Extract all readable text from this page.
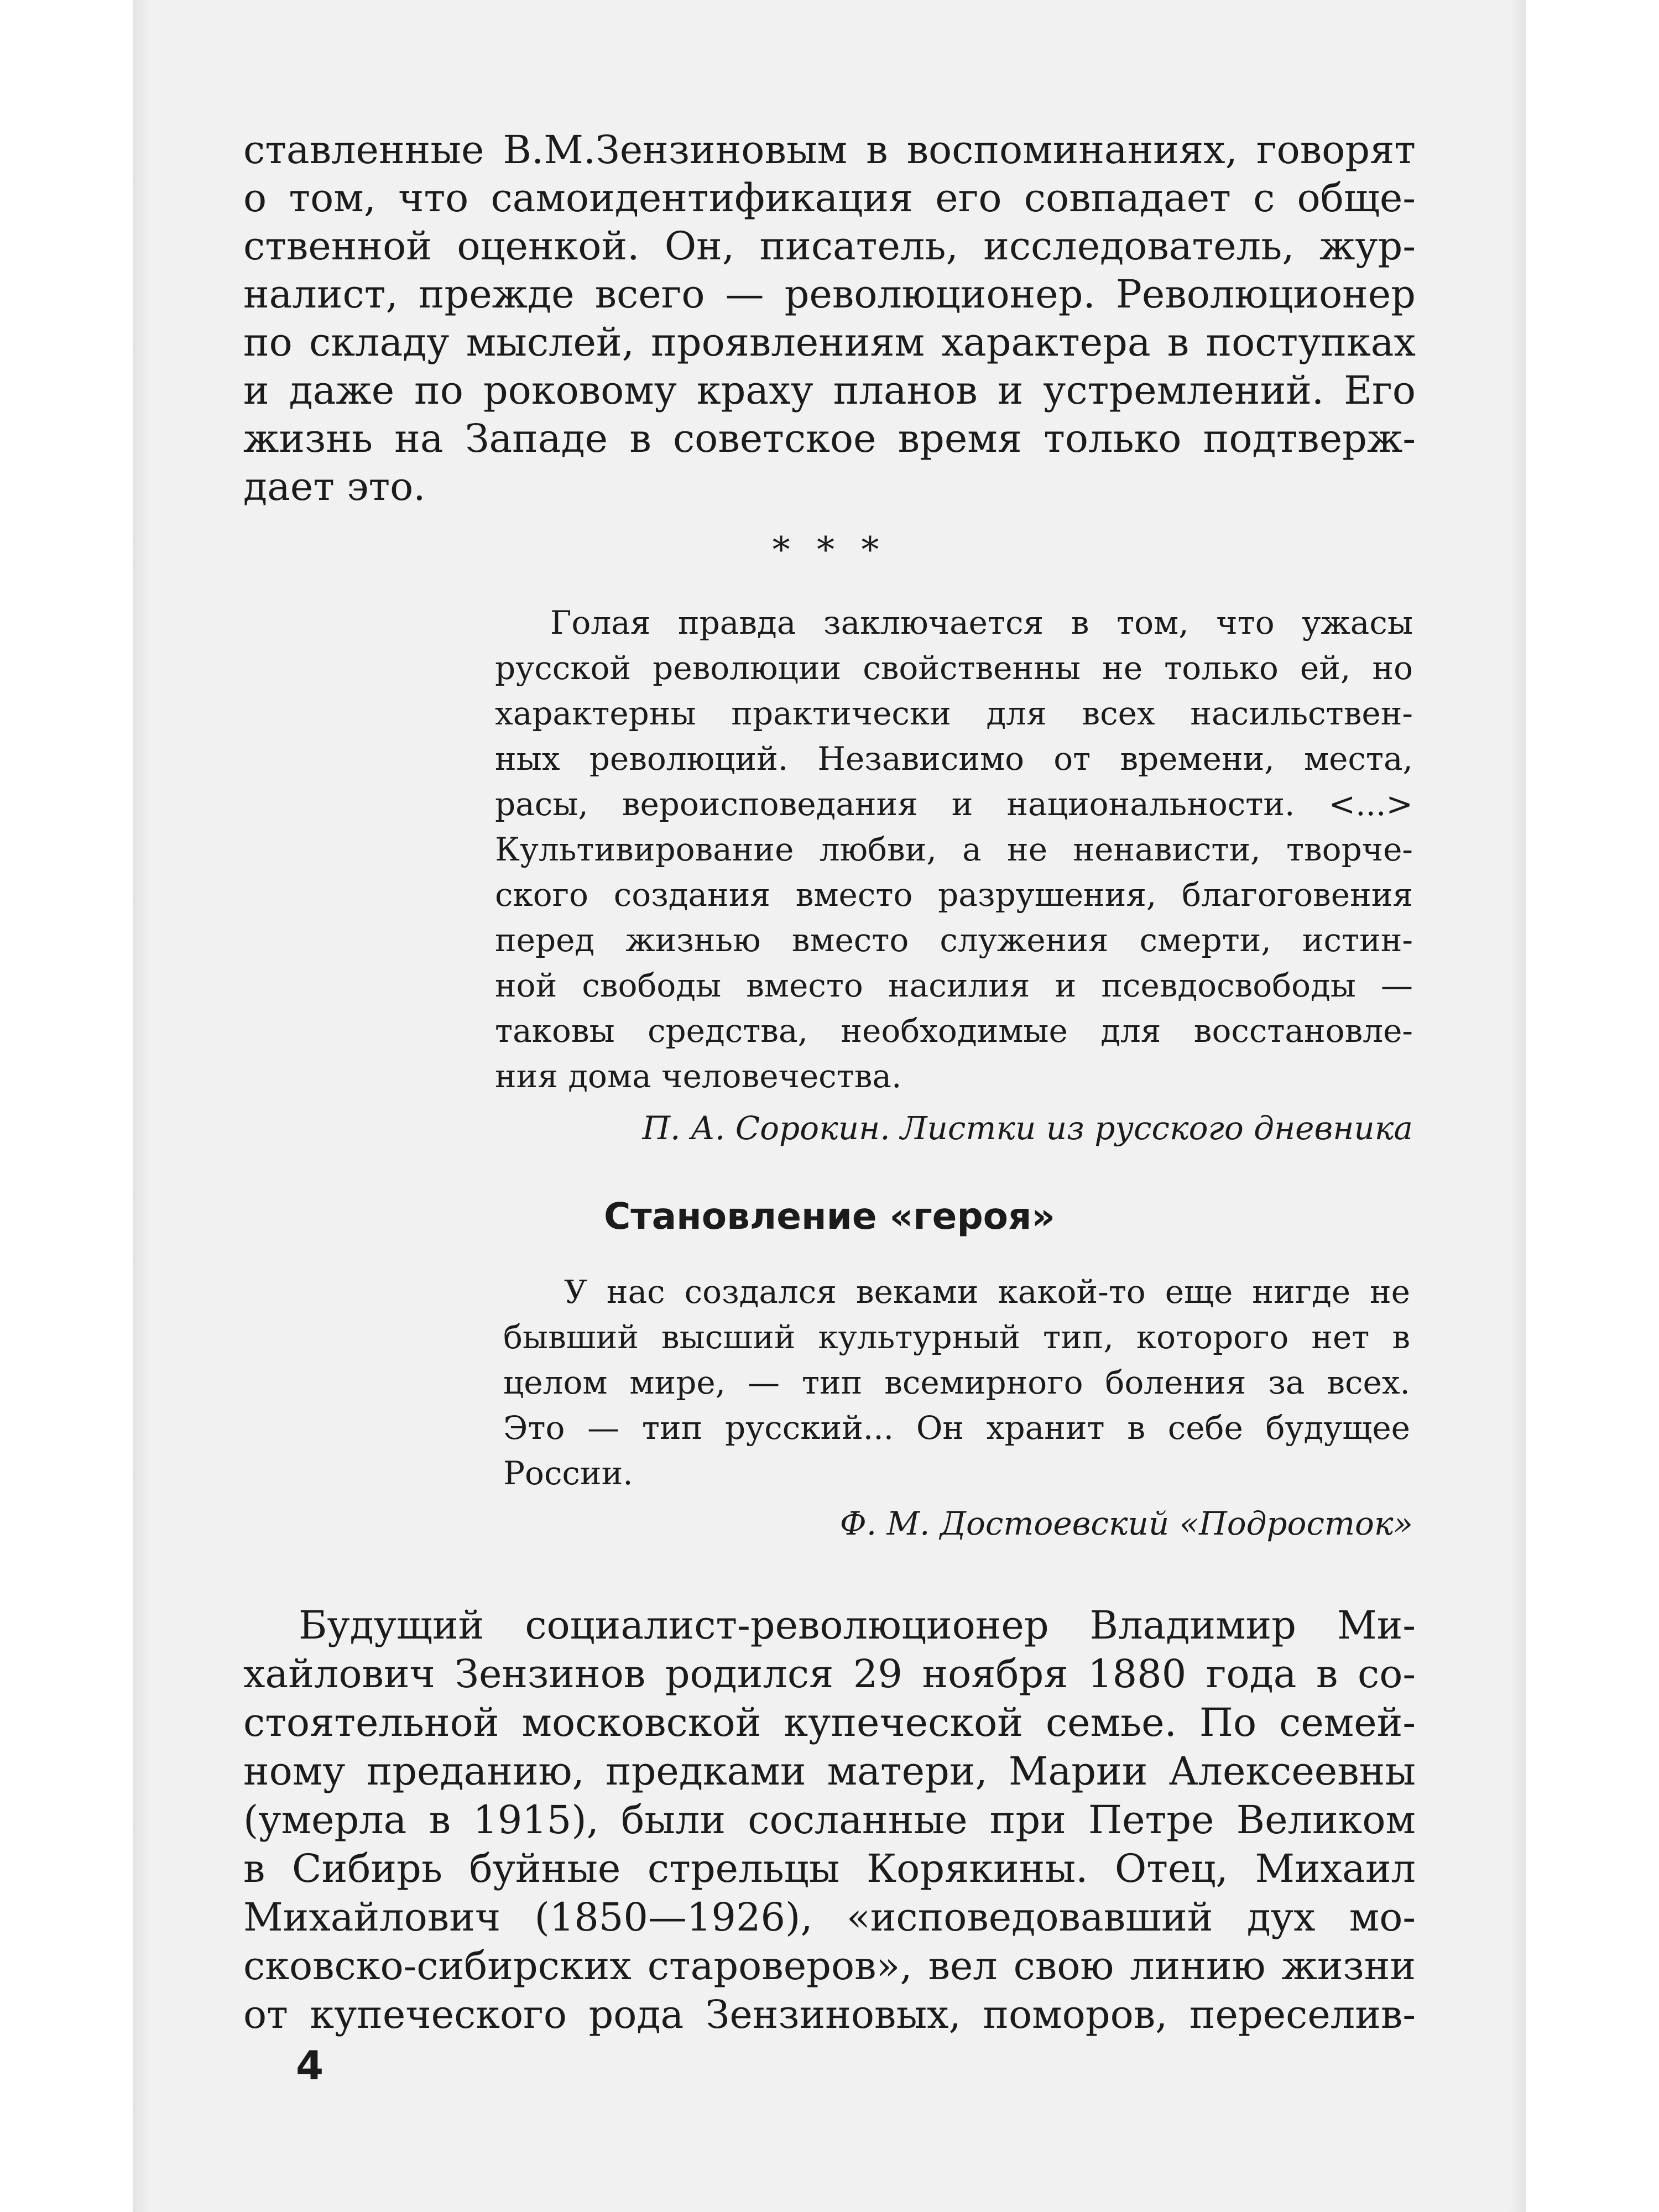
ставленные В.М.Зензиновым в воспоминаниях, говорят
о том, что самоидентификация его совпадает с обще-
ственной оценкой. Он, писатель, исследователь, жур-
налист, прежде всего — революционер. Революционер
по складу мыслей, проявлениям характера в поступках
и даже по роковому краху планов и устремлений. Его
жизнь на Западе в советское время только подтверж-
дает это.
* * *
Голая правда заключается в том, что ужасы
русской революции свойственны не только ей, но
характерны практически для всех насильствен-
ных революций. Независимо от времени, места,
расы, вероисповедания и национальности. <...>
Культивирование любви, а не ненависти, творче-
ского создания вместо разрушения, благоговения
перед жизнью вместо служения смерти, истин-
ной свободы вместо насилия и псевдосвободы —
таковы средства, необходимые для восстановле-
ния дома человечества.
П. А. Сорокин. Листки из русского дневника
Становление «героя»
У нас создался веками какой-то еще нигде не
бывший высший культурный тип, которого нет в
целом мире, — тип всемирного боления за всех.
Это — тип русский... Он хранит в себе будущее
России.
Ф. М. Достоевский «Подросток»
Будущий социалист-революционер Владимир Ми-
хайлович Зензинов родился 29 ноября 1880 года в со-
стоятельной московской купеческой семье. По семей-
ному преданию, предками матери, Марии Алексеевны
(умерла в 1915), были сосланные при Петре Великом
в Сибирь буйные стрельцы Корякины. Отец, Михаил
Михайлович (1850—1926), «исповедовавший дух мо-
сковско-сибирских староверов», вел свою линию жизни
от купеческого рода Зензиновых, поморов, переселив-
4
